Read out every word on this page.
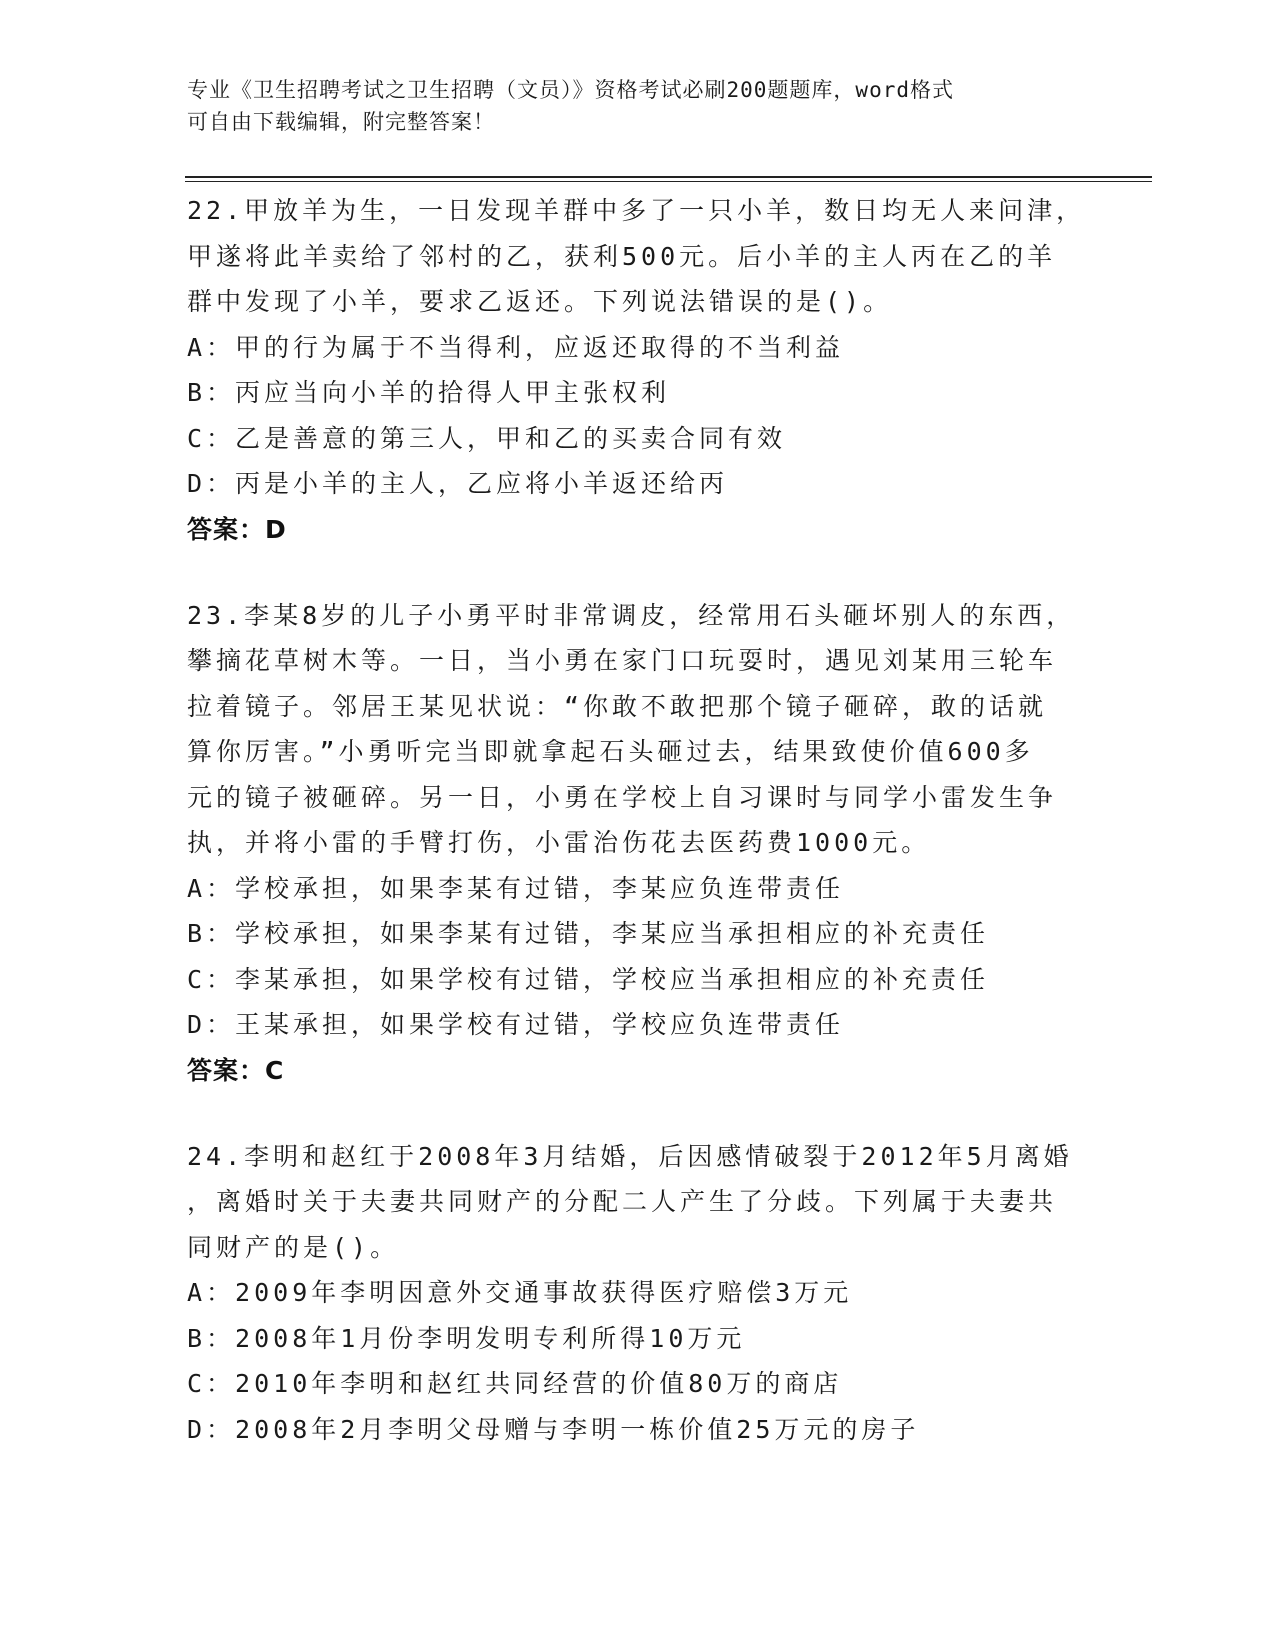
专业《卫生招聘考试之卫生招聘（文员）》资格考试必刷200题题库，word格式
可自由下载编辑，附完整答案！
22.甲放羊为生，一日发现羊群中多了一只小羊，数日均无人来问津，
甲遂将此羊卖给了邻村的乙，获利500元。后小羊的主人丙在乙的羊
群中发现了小羊，要求乙返还。下列说法错误的是()。
A：甲的行为属于不当得利，应返还取得的不当利益
B：丙应当向小羊的拾得人甲主张权利
C：乙是善意的第三人，甲和乙的买卖合同有效
D：丙是小羊的主人，乙应将小羊返还给丙
答案：D
23.李某8岁的儿子小勇平时非常调皮，经常用石头砸坏别人的东西，
攀摘花草树木等。一日，当小勇在家门口玩耍时，遇见刘某用三轮车
拉着镜子。邻居王某见状说：“你敢不敢把那个镜子砸碎，敢的话就
算你厉害。”小勇听完当即就拿起石头砸过去，结果致使价值600多
元的镜子被砸碎。另一日，小勇在学校上自习课时与同学小雷发生争
执，并将小雷的手臂打伤，小雷治伤花去医药费1000元。
A：学校承担，如果李某有过错，李某应负连带责任
B：学校承担，如果李某有过错，李某应当承担相应的补充责任
C：李某承担，如果学校有过错，学校应当承担相应的补充责任
D：王某承担，如果学校有过错，学校应负连带责任
答案：C
24.李明和赵红于2008年3月结婚，后因感情破裂于2012年5月离婚
，离婚时关于夫妻共同财产的分配二人产生了分歧。下列属于夫妻共
同财产的是()。
A：2009年李明因意外交通事故获得医疗赔偿3万元
B：2008年1月份李明发明专利所得10万元
C：2010年李明和赵红共同经营的价值80万的商店
D：2008年2月李明父母赠与李明一栋价值25万元的房子
